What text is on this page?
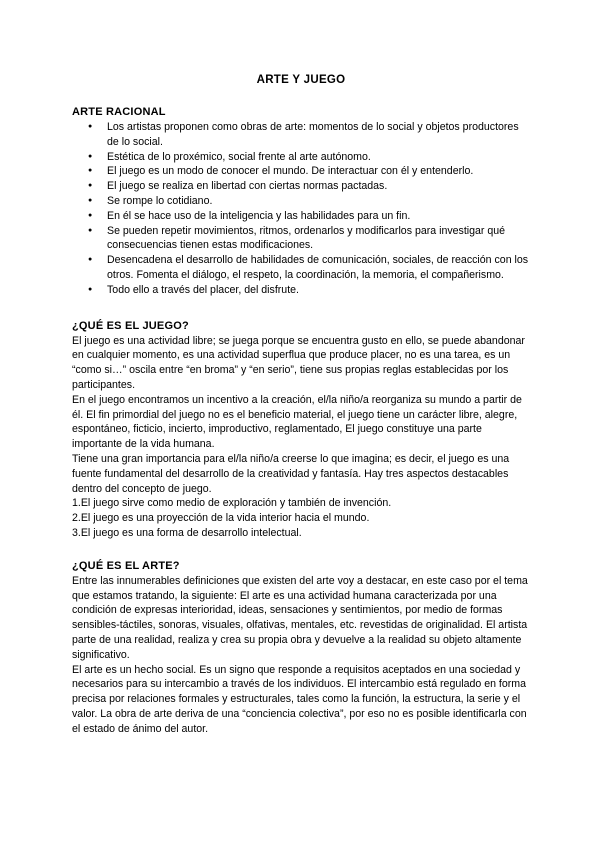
ARTE Y JUEGO
ARTE RACIONAL
● Los artistas proponen como obras de arte: momentos de lo social y objetos productores de lo social.
● Estética de lo proxémico, social frente al arte autónomo.
● El juego es un modo de conocer el mundo. De interactuar con él y entenderlo.
● El juego se realiza en libertad con ciertas normas pactadas.
● Se rompe lo cotidiano.
● En él se hace uso de la inteligencia y las habilidades para un fin.
● Se pueden repetir movimientos, ritmos, ordenarlos y modificarlos para investigar qué consecuencias tienen estas modificaciones.
● Desencadena el desarrollo de habilidades de comunicación, sociales, de reacción con los otros. Fomenta el diálogo, el respeto, la coordinación, la memoria, el compañerismo.
● Todo ello a través del placer, del disfrute.
¿QUÉ ES EL JUEGO?

El juego es una actividad libre; se juega porque se encuentra gusto en ello, se puede abandonar en cualquier momento, es una actividad superflua que produce placer, no es una tarea, es un “como si…” oscila entre “en broma” y “en serio”, tiene sus propias reglas establecidas por los participantes.

En el juego encontramos un incentivo a la creación, el/la niño/a reorganiza su mundo a partir de él. El fin primordial del juego no es el beneficio material, el juego tiene un carácter libre, alegre, espontáneo, ficticio, incierto, improductivo, reglamentado, El juego constituye una parte importante de la vida humana.

Tiene una gran importancia para el/la niño/a creerse lo que imagina; es decir, el juego es una fuente fundamental del desarrollo de la creatividad y fantasía. Hay tres aspectos destacables dentro del concepto de juego.

1.El juego sirve como medio de exploración y también de invención.

2.El juego es una proyección de la vida interior hacia el mundo.

3.El juego es una forma de desarrollo intelectual.

¿QUÉ ES EL ARTE?

Entre las innumerables definiciones que existen del arte voy a destacar, en este caso por el tema que estamos tratando, la siguiente: El arte es una actividad humana caracterizada por una condición de expresas interioridad, ideas, sensaciones y sentimientos, por medio de formas sensibles-táctiles, sonoras, visuales, olfativas, mentales, etc. revestidas de originalidad. El artista parte de una realidad, realiza y crea su propia obra y devuelve a la realidad su objeto altamente significativo.

El arte es un hecho social. Es un signo que responde a requisitos aceptados en una sociedad y necesarios para su intercambio a través de los individuos. El intercambio está regulado en forma precisa por relaciones formales y estructurales, tales como la función, la estructura, la serie y el valor. La obra de arte deriva de una “conciencia colectiva”, por eso no es posible identificarla con el estado de ánimo del autor.
